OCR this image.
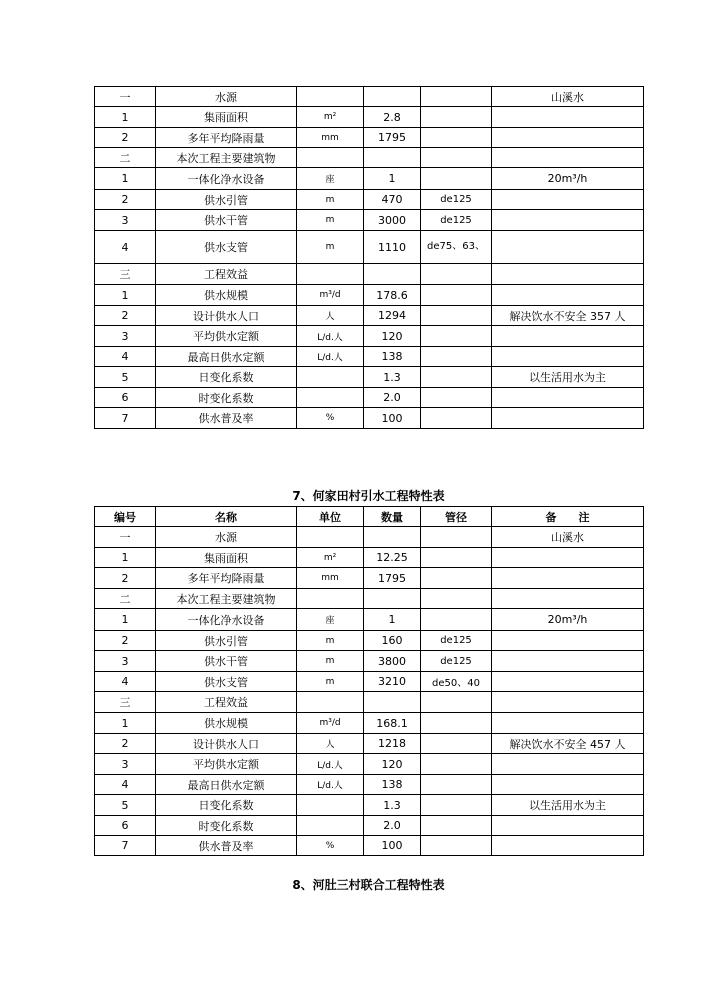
一	水源				山溪水
1	集雨面积	m²	2.8		
2	多年平均降雨量	mm	1795		
二	本次工程主要建筑物				
1	一体化净水设备	座	1		20m³/h
2	供水引管	m	470	de125	
3	供水干管	m	3000	de125	
4	供水支管	m	1110	de75、63、	
三	工程效益				
1	供水规模	m³/d	178.6		
2	设计供水人口	人	1294		解决饮水不安全 357 人
3	平均供水定额	L/d.人	120		
4	最高日供水定额	L/d.人	138		
5	日变化系数		1.3		以生活用水为主
6	时变化系数		2.0		
7	供水普及率	%	100		
7、何家田村引水工程特性表
编号	名称	单位	数量	管径	备　　注
一	水源				山溪水
1	集雨面积	m²	12.25		
2	多年平均降雨量	mm	1795		
二	本次工程主要建筑物				
1	一体化净水设备	座	1		20m³/h
2	供水引管	m	160	de125	
3	供水干管	m	3800	de125	
4	供水支管	m	3210	de50、40	
三	工程效益				
1	供水规模	m³/d	168.1		
2	设计供水人口	人	1218		解决饮水不安全 457 人
3	平均供水定额	L/d.人	120		
4	最高日供水定额	L/d.人	138		
5	日变化系数		1.3		以生活用水为主
6	时变化系数		2.0		
7	供水普及率	%	100		
8、河肚三村联合工程特性表
